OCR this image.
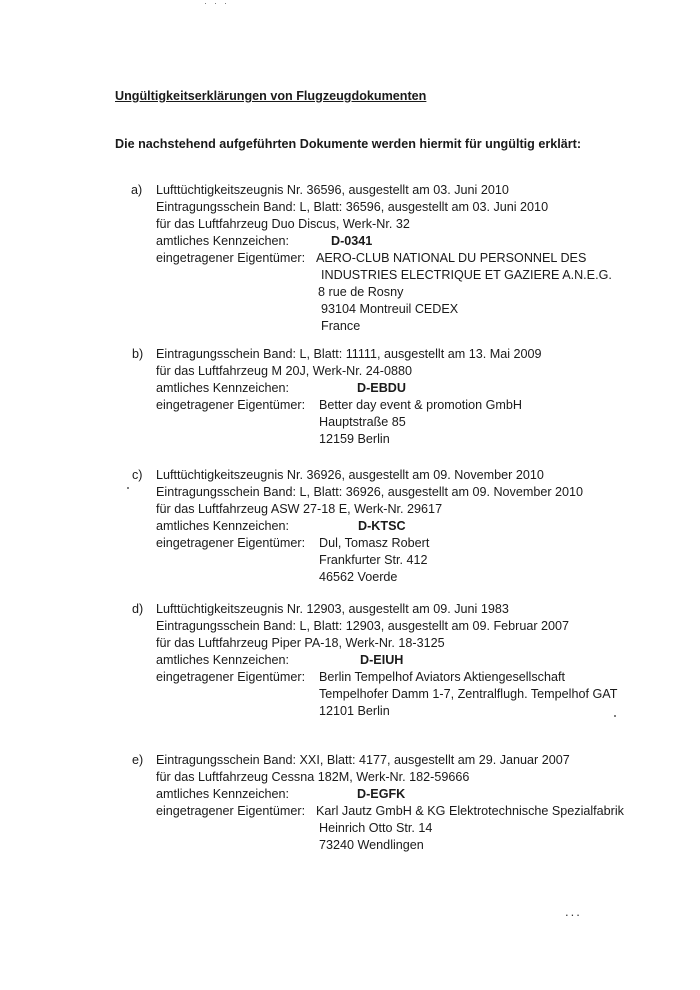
Ungültigkeitserklärungen von Flugzeugdokumenten
Die nachstehend aufgeführten Dokumente werden hiermit für ungültig erklärt:
a) Lufttüchtigkeitszeugnis Nr. 36596, ausgestellt am 03. Juni 2010
Eintragungsschein Band: L, Blatt: 36596, ausgestellt am 03. Juni 2010
für das Luftfahrzeug Duo Discus, Werk-Nr. 32
amtliches Kennzeichen:	D-0341
eingetragener Eigentümer: AERO-CLUB NATIONAL DU PERSONNEL DES
INDUSTRIES ELECTRIQUE ET GAZIERE A.N.E.G.
8 rue de Rosny
93104 Montreuil CEDEX
France
b) Eintragungsschein Band: L, Blatt: 11111, ausgestellt am 13. Mai 2009
für das Luftfahrzeug M 20J, Werk-Nr. 24-0880
amtliches Kennzeichen:	D-EBDU
eingetragener Eigentümer: Better day event & promotion GmbH
Hauptstraße 85
12159 Berlin
c) Lufttüchtigkeitszeugnis Nr. 36926, ausgestellt am 09. November 2010
Eintragungsschein Band: L, Blatt: 36926, ausgestellt am 09. November 2010
für das Luftfahrzeug ASW 27-18 E, Werk-Nr. 29617
amtliches Kennzeichen:	D-KTSC
eingetragener Eigentümer: Dul, Tomasz Robert
Frankfurter Str. 412
46562 Voerde
d) Lufttüchtigkeitszeugnis Nr. 12903, ausgestellt am 09. Juni 1983
Eintragungsschein Band: L, Blatt: 12903, ausgestellt am 09. Februar 2007
für das Luftfahrzeug Piper PA-18, Werk-Nr. 18-3125
amtliches Kennzeichen:	D-EIUH
eingetragener Eigentümer: Berlin Tempelhof Aviators Aktiengesellschaft
Tempelhofer Damm 1-7, Zentralflugh. Tempelhof GAT
12101 Berlin
e) Eintragungsschein Band: XXI, Blatt: 4177, ausgestellt am 29. Januar 2007
für das Luftfahrzeug Cessna 182M, Werk-Nr. 182-59666
amtliches Kennzeichen:	D-EGFK
eingetragener Eigentümer: Karl Jautz GmbH & KG Elektrotechnische Spezialfabrik
Heinrich Otto Str. 14
73240 Wendlingen
...
